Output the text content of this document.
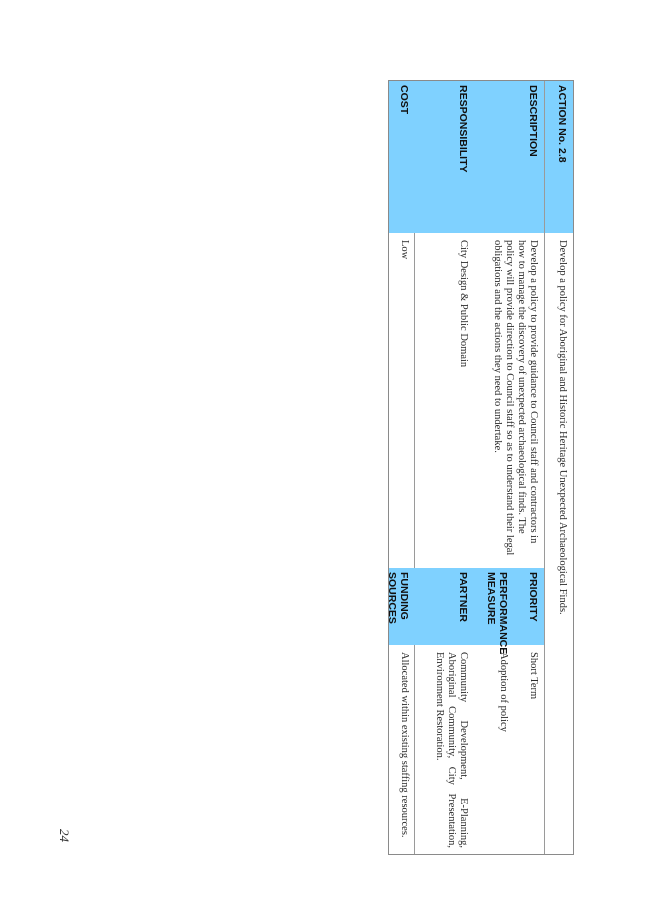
ACTION No. 2.8
Develop a policy for Aboriginal and Historic Heritage Unexpected Archaeological Finds.
DESCRIPTION
Develop a policy to provide guidance to Council staff and contractors in how to manage the discovery of unexpected archaeological finds. The policy will provide direction to Council staff so as to understand their legal obligations and the actions they need to undertake.
PRIORITY
Short Term
PERFORMANCE MEASURE
Adoption of policy
RESPONSIBILITY
City Design & Public Domain
PARTNER
Community Development, E-Planning, Aboriginal Community, City Presentation, Environment Restoration.
COST
Low
FUNDING SOURCES
Allocated within existing staffing resources.
24
